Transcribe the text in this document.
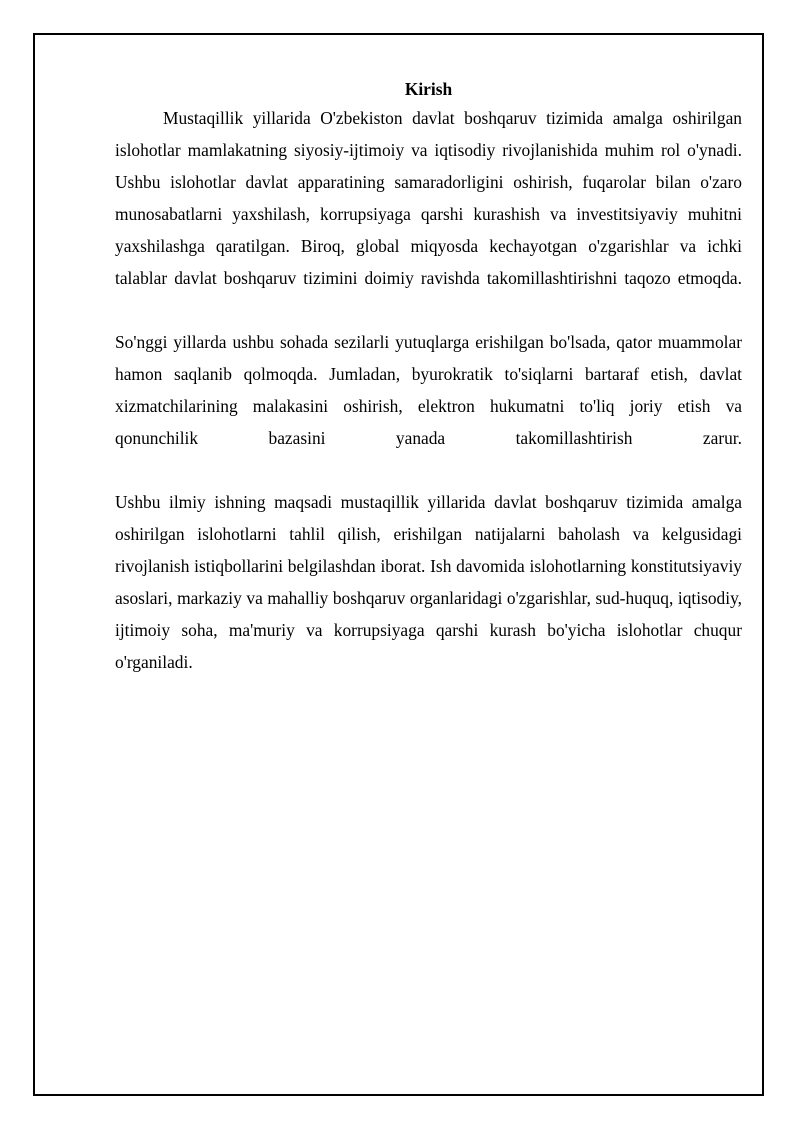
Kirish

Mustaqillik yillarida O'zbekiston davlat boshqaruv tizimida amalga oshirilgan islohotlar mamlakatning siyosiy-ijtimoiy va iqtisodiy rivojlanishida muhim rol o'ynadi. Ushbu islohotlar davlat apparatining samaradorligini oshirish, fuqarolar bilan o'zaro munosabatlarni yaxshilash, korrupsiyaga qarshi kurashish va investitsiyaviy muhitni yaxshilashga qaratilgan. Biroq, global miqyosda kechayotgan o'zgarishlar va ichki talablar davlat boshqaruv tizimini doimiy ravishda takomillashtirishni taqozo etmoqda.

So'nggi yillarda ushbu sohada sezilarli yutuqlarga erishilgan bo'lsada, qator muammolar hamon saqlanib qolmoqda. Jumladan, byurokratik to'siqlarni bartaraf etish, davlat xizmatchilarining malakasini oshirish, elektron hukumatni to'liq joriy etish va qonunchilik bazasini yanada takomillashtirish zarur.

Ushbu ilmiy ishning maqsadi mustaqillik yillarida davlat boshqaruv tizimida amalga oshirilgan islohotlarni tahlil qilish, erishilgan natijalarni baholash va kelgusidagi rivojlanish istiqbollarini belgilashdan iborat. Ish davomida islohotlarning konstitutsiyaviy asoslari, markaziy va mahalliy boshqaruv organlaridagi o'zgarishlar, sud-huquq, iqtisodiy, ijtimoiy soha, ma'muriy va korrupsiyaga qarshi kurash bo'yicha islohotlar chuqur o'rganiladi.
